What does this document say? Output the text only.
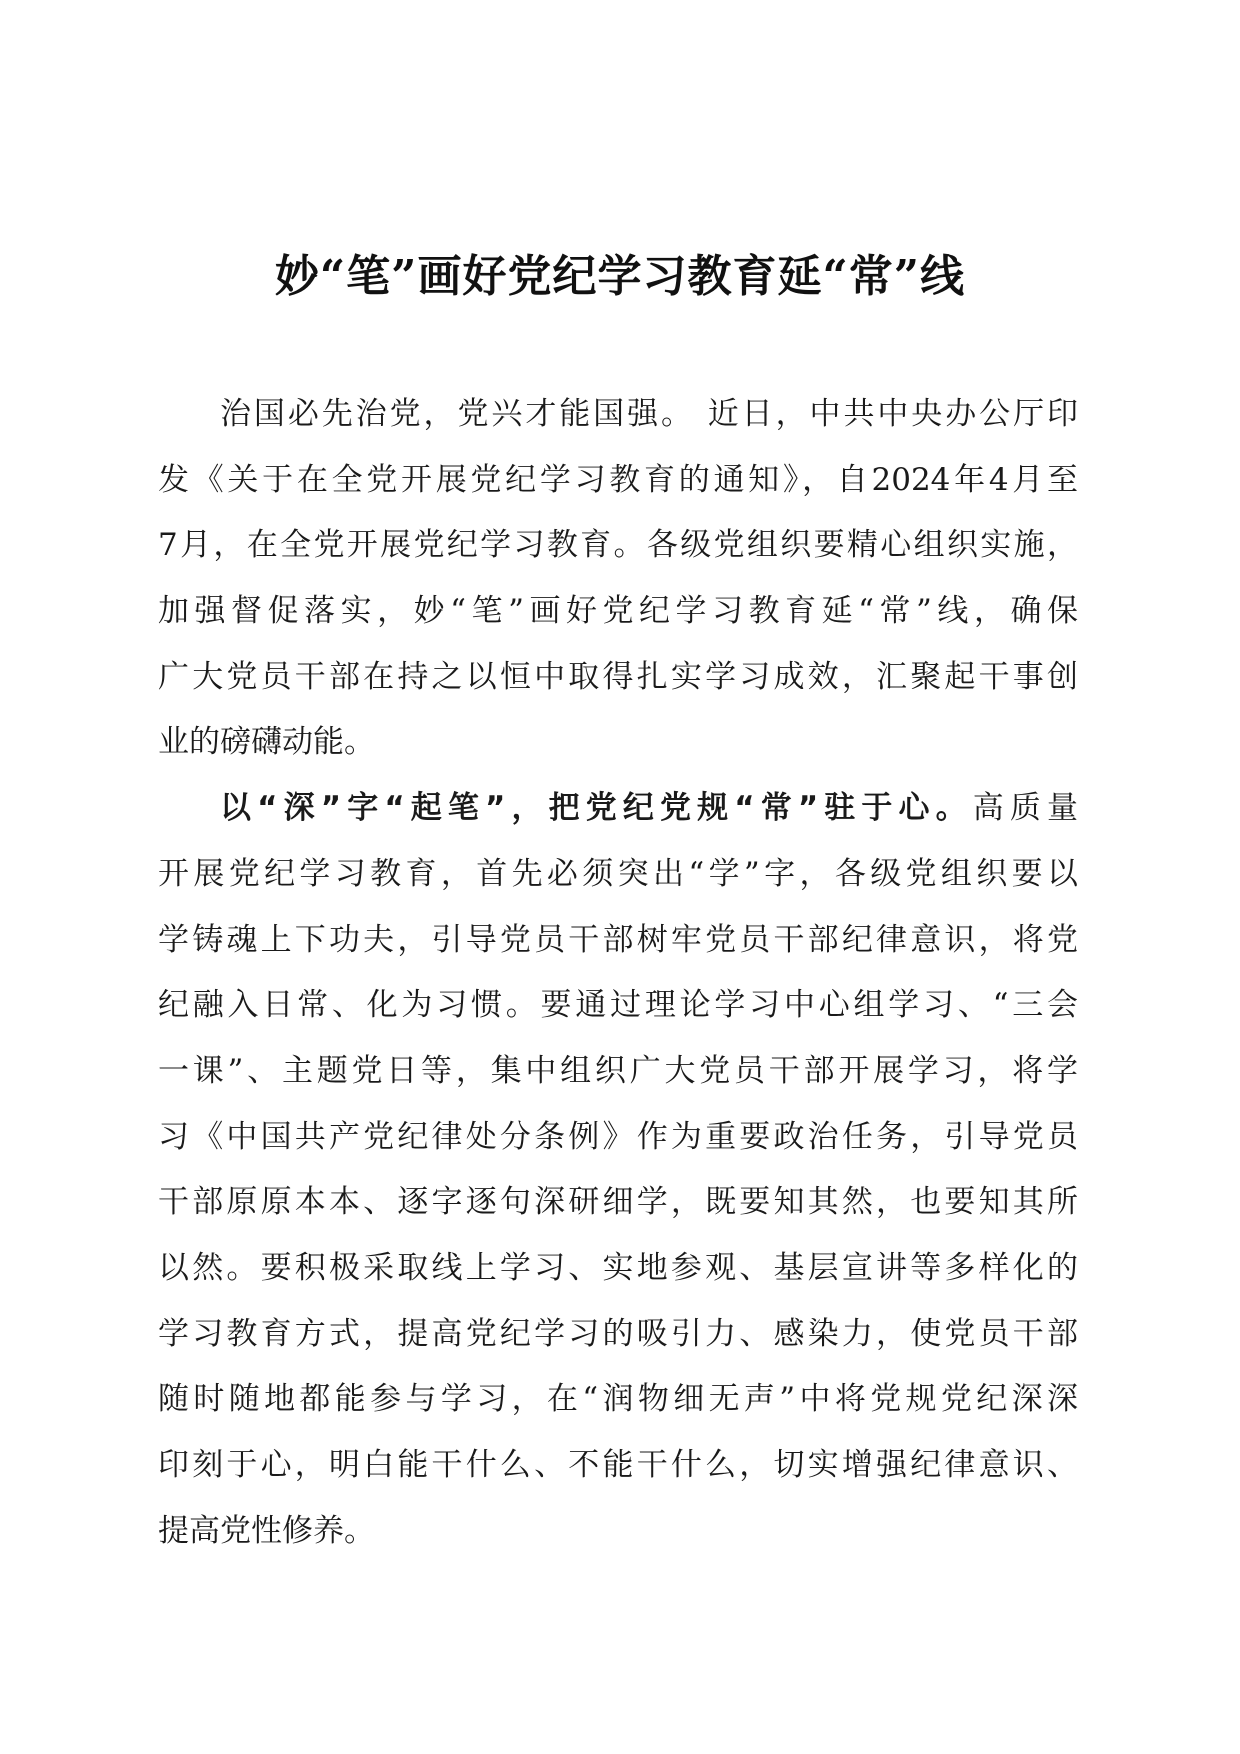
妙“笔”画好党纪学习教育延“常”线
治国必先治党，党兴才能国强。 近日，中共中央办公厅印
发《关于在全党开展党纪学习教育的通知》，自2024年4月至
7月，在全党开展党纪学习教育。各级党组织要精心组织实施，
加强督促落实，妙“笔”画好党纪学习教育延“常”线，确保
广大党员干部在持之以恒中取得扎实学习成效，汇聚起干事创
业的磅礴动能。
以“深”字“起笔”，把党纪党规“常”驻于心。高质量
开展党纪学习教育，首先必须突出“学”字，各级党组织要以
学铸魂上下功夫，引导党员干部树牢党员干部纪律意识，将党
纪融入日常、化为习惯。要通过理论学习中心组学习、“三会
一课”、主题党日等，集中组织广大党员干部开展学习，将学
习《中国共产党纪律处分条例》作为重要政治任务，引导党员
干部原原本本、逐字逐句深研细学，既要知其然，也要知其所
以然。要积极采取线上学习、实地参观、基层宣讲等多样化的
学习教育方式，提高党纪学习的吸引力、感染力，使党员干部
随时随地都能参与学习，在“润物细无声”中将党规党纪深深
印刻于心，明白能干什么、不能干什么，切实增强纪律意识、
提高党性修养。
